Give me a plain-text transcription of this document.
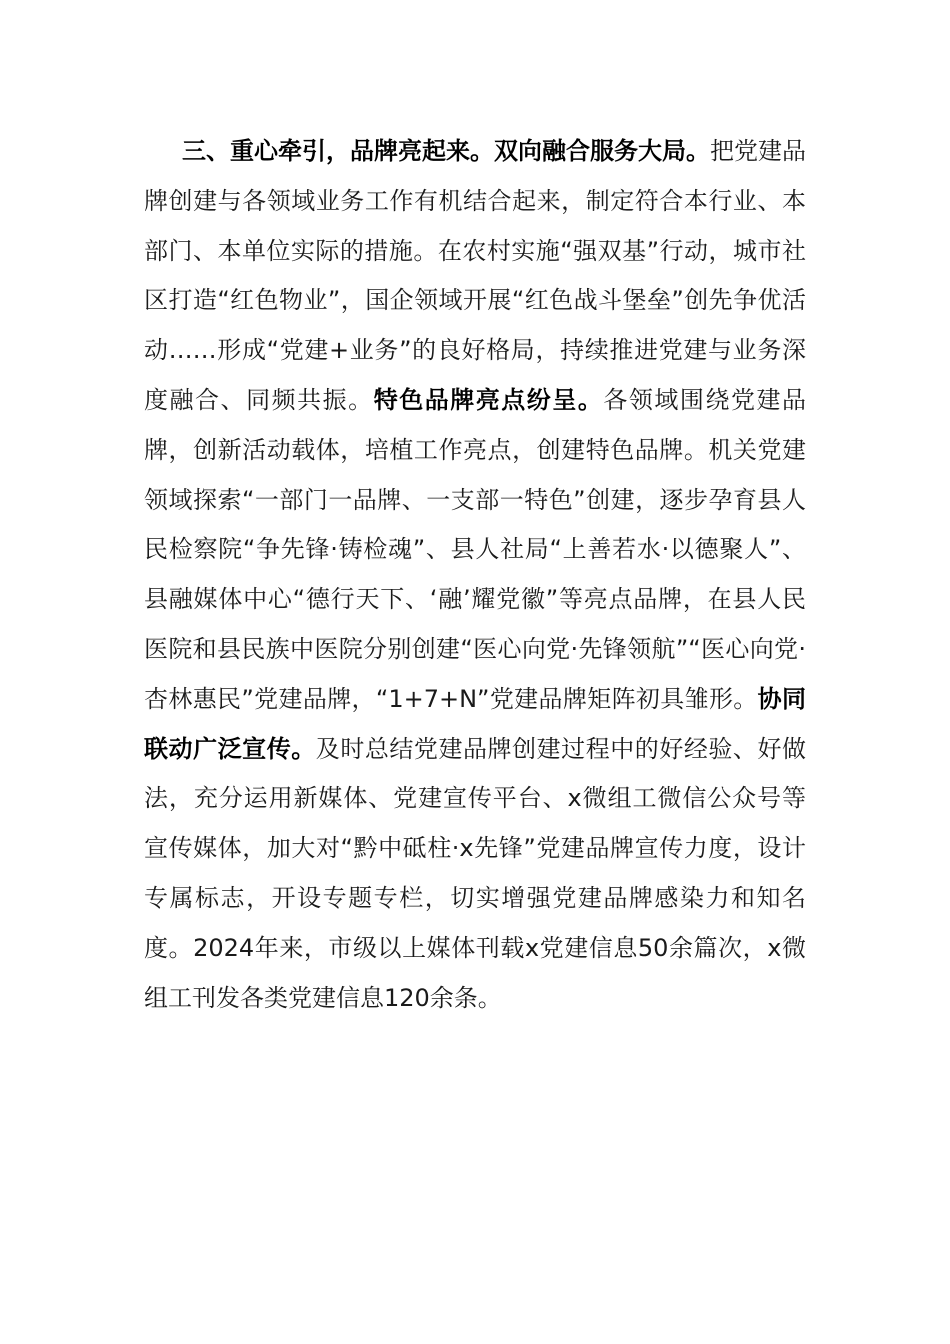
三、重心牵引，品牌亮起来。双向融合服务大局。把党建品牌创建与各领域业务工作有机结合起来，制定符合本行业、本部门、本单位实际的措施。在农村实施“强双基”行动，城市社区打造“红色物业”，国企领域开展“红色战斗堡垒”创先争优活动……形成“党建+业务”的良好格局，持续推进党建与业务深度融合、同频共振。特色品牌亮点纷呈。各领域围绕党建品牌，创新活动载体，培植工作亮点，创建特色品牌。机关党建领域探索“一部门一品牌、一支部一特色”创建，逐步孕育县人民检察院“争先锋·铸检魂”、县人社局“上善若水·以德聚人”、县融媒体中心“德行天下、‘融’耀党徽”等亮点品牌，在县人民医院和县民族中医院分别创建“医心向党·先锋领航”“医心向党·杏林惠民”党建品牌，“1+7+N”党建品牌矩阵初具雏形。协同联动广泛宣传。及时总结党建品牌创建过程中的好经验、好做法，充分运用新媒体、党建宣传平台、x微组工微信公众号等宣传媒体，加大对“黔中砥柱·x先锋”党建品牌宣传力度，设计专属标志，开设专题专栏，切实增强党建品牌感染力和知名度。2024年来，市级以上媒体刊载x党建信息50余篇次，x微组工刊发各类党建信息120余条。
